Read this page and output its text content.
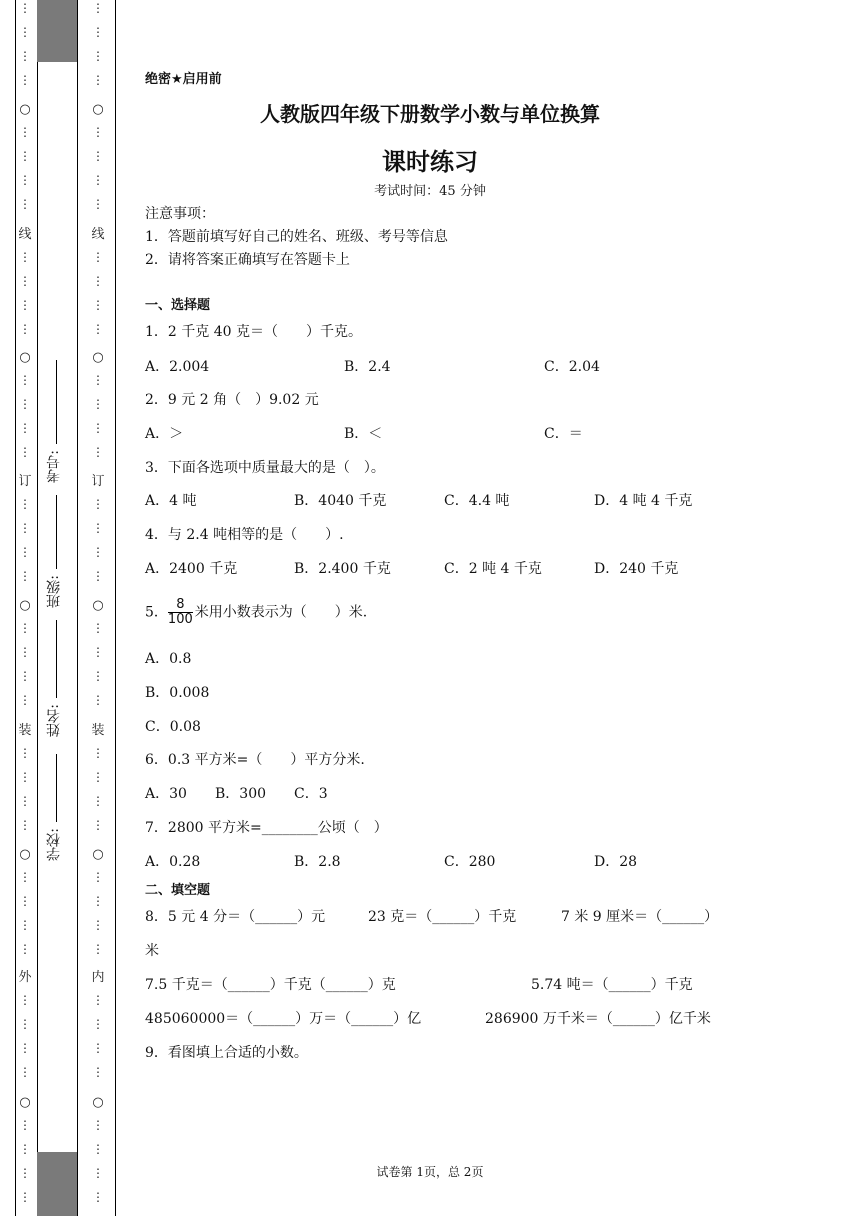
⋮
⋮
⋮
⋮
○
⋮
⋮
⋮
⋮
线
⋮
⋮
⋮
⋮
○
⋮
⋮
⋮
⋮
订
⋮
⋮
⋮
⋮
○
⋮
⋮
⋮
⋮
装
⋮
⋮
⋮
⋮
○
⋮
⋮
⋮
⋮
外
⋮
⋮
⋮
⋮
○
⋮
⋮
⋮
⋮
⋮
⋮
⋮
⋮
○
⋮
⋮
⋮
⋮
线
⋮
⋮
⋮
⋮
○
⋮
⋮
⋮
⋮
订
⋮
⋮
⋮
⋮
○
⋮
⋮
⋮
⋮
装
⋮
⋮
⋮
⋮
○
⋮
⋮
⋮
⋮
内
⋮
⋮
⋮
⋮
○
⋮
⋮
⋮
⋮
考号:
班级:
姓名:
学校:
绝密★启用前
人教版四年级下册数学小数与单位换算
课时练习
考试时间：45 分钟
注意事项：
1．答题前填写好自己的姓名、班级、考号等信息
2．请将答案正确填写在答题卡上
一、选择题
1．2 千克 40 克＝（　　）千克。
A．2.004	B．2.4	C．2.04
2．9 元 2 角（　）9.02 元
A．＞	B．＜	C．＝
3．下面各选项中质量最大的是（　）。
A．4 吨	B．4040 千克	C．4.4 吨	D．4 吨 4 千克
4．与 2.4 吨相等的是（　　）.
A．2400 千克	B．2.400 千克	C．2 吨 4 千克	D．240 千克
5． $\frac{8}{100}$ 米用小数表示为（　　）米.
A．0.8
B．0.008
C．0.08
6．0.3 平方米=（　　）平方分米.
A．30 B．300 C．3
7．2800 平方米=________公顷（　）
A．0.28	B．2.8	C．280	D．28
二、填空题
8．5 元 4 分＝（______）元	23 克＝（______）千克	7 米 9 厘米＝（______）
米
7.5 千克＝（______）千克（______）克	5.74 吨＝（______）千克
485060000＝（______）万＝（______）亿	286900 万千米＝（______）亿千米
9．看图填上合适的小数。
试卷第 1页，总 2页
